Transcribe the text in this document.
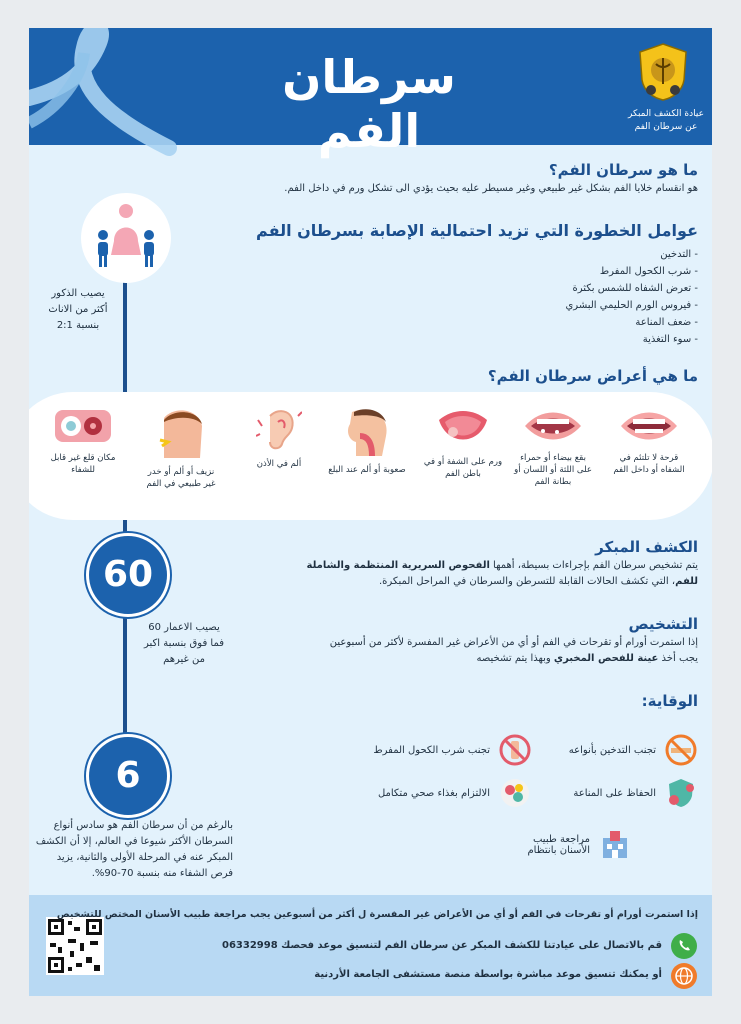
سرطان الفم	عيادة الكشف المبكر
عن سرطان الفم
ما هو سرطان الفم؟
هو انقسام خلايا الفم بشكل غير طبيعي وغير مسيطر عليه بحيث يؤدي الى تشكل ورم في داخل الفم.
عوامل الخطورة التي تزيد احتمالية الإصابة بسرطان الفم
- التدخين
- شرب الكحول المفرط
- تعرض الشفاه للشمس بكثرة
- فيروس الورم الحليمي البشري
- ضعف المناعة
- سوء التغذية
يصيب الذكور
أكثر من الاناث
بنسبة 2:1
ما هي أعراض سرطان الفم؟
قرحة لا تلتئم في الشفاه أو داخل الفم
بقع بيضاء أو حمراء على اللثة أو اللسان أو بطانة الفم
ورم على الشفة أو في باطن الفم
صعوبة أو ألم عند البلع
ألم في الأذن
نزيف أو ألم أو خدر غير طبيعي في الفم
مكان قلع غير قابل للشفاء
الكشف المبكر
يتم تشخيص سرطان الفم بإجراءات بسيطة، أهمها الفحوص السريرية المنتظمة والشاملة للفم، التي تكشف الحالات القابلة للتسرطن والسرطان في المراحل المبكرة.
60
يصيب الاعمار 60
فما فوق بنسبة اكبر
من غيرهم
التشخيص
إذا استمرت أورام أو تقرحات في الفم أو أي من الأعراض غير المفسرة لأكثر من أسبوعين
يجب أخذ عينة للفحص المخبري وبهذا يتم تشخيصه
الوقاية:
تجنب التدخين بأنواعه
تجنب شرب الكحول المفرط
الحفاظ على المناعة
الالتزام بغذاء صحي متكامل
مراجعة طبيب الأسنان بانتظام
6
بالرغم من أن سرطان الفم هو سادس أنواع السرطان الأكثر شيوعا في العالم، إلا أن الكشف المبكر عنه في المرحلة الأولى والثانية، يزيد فرص الشفاء منه بنسبة 70-90%.
إذا استمرت أورام أو تقرحات في الفم أو أي من الأعراض غير المفسرة ل أكثر من أسبوعين يجب مراجعة طبيب الأسنان المختص للتشخيص
قم بالاتصال على عيادتنا للكشف المبكر عن سرطان الفم لتنسيق موعد فحصك 06332998
أو يمكنك تنسيق موعد مباشرة بواسطة منصة مستشفى الجامعة الأردنية
